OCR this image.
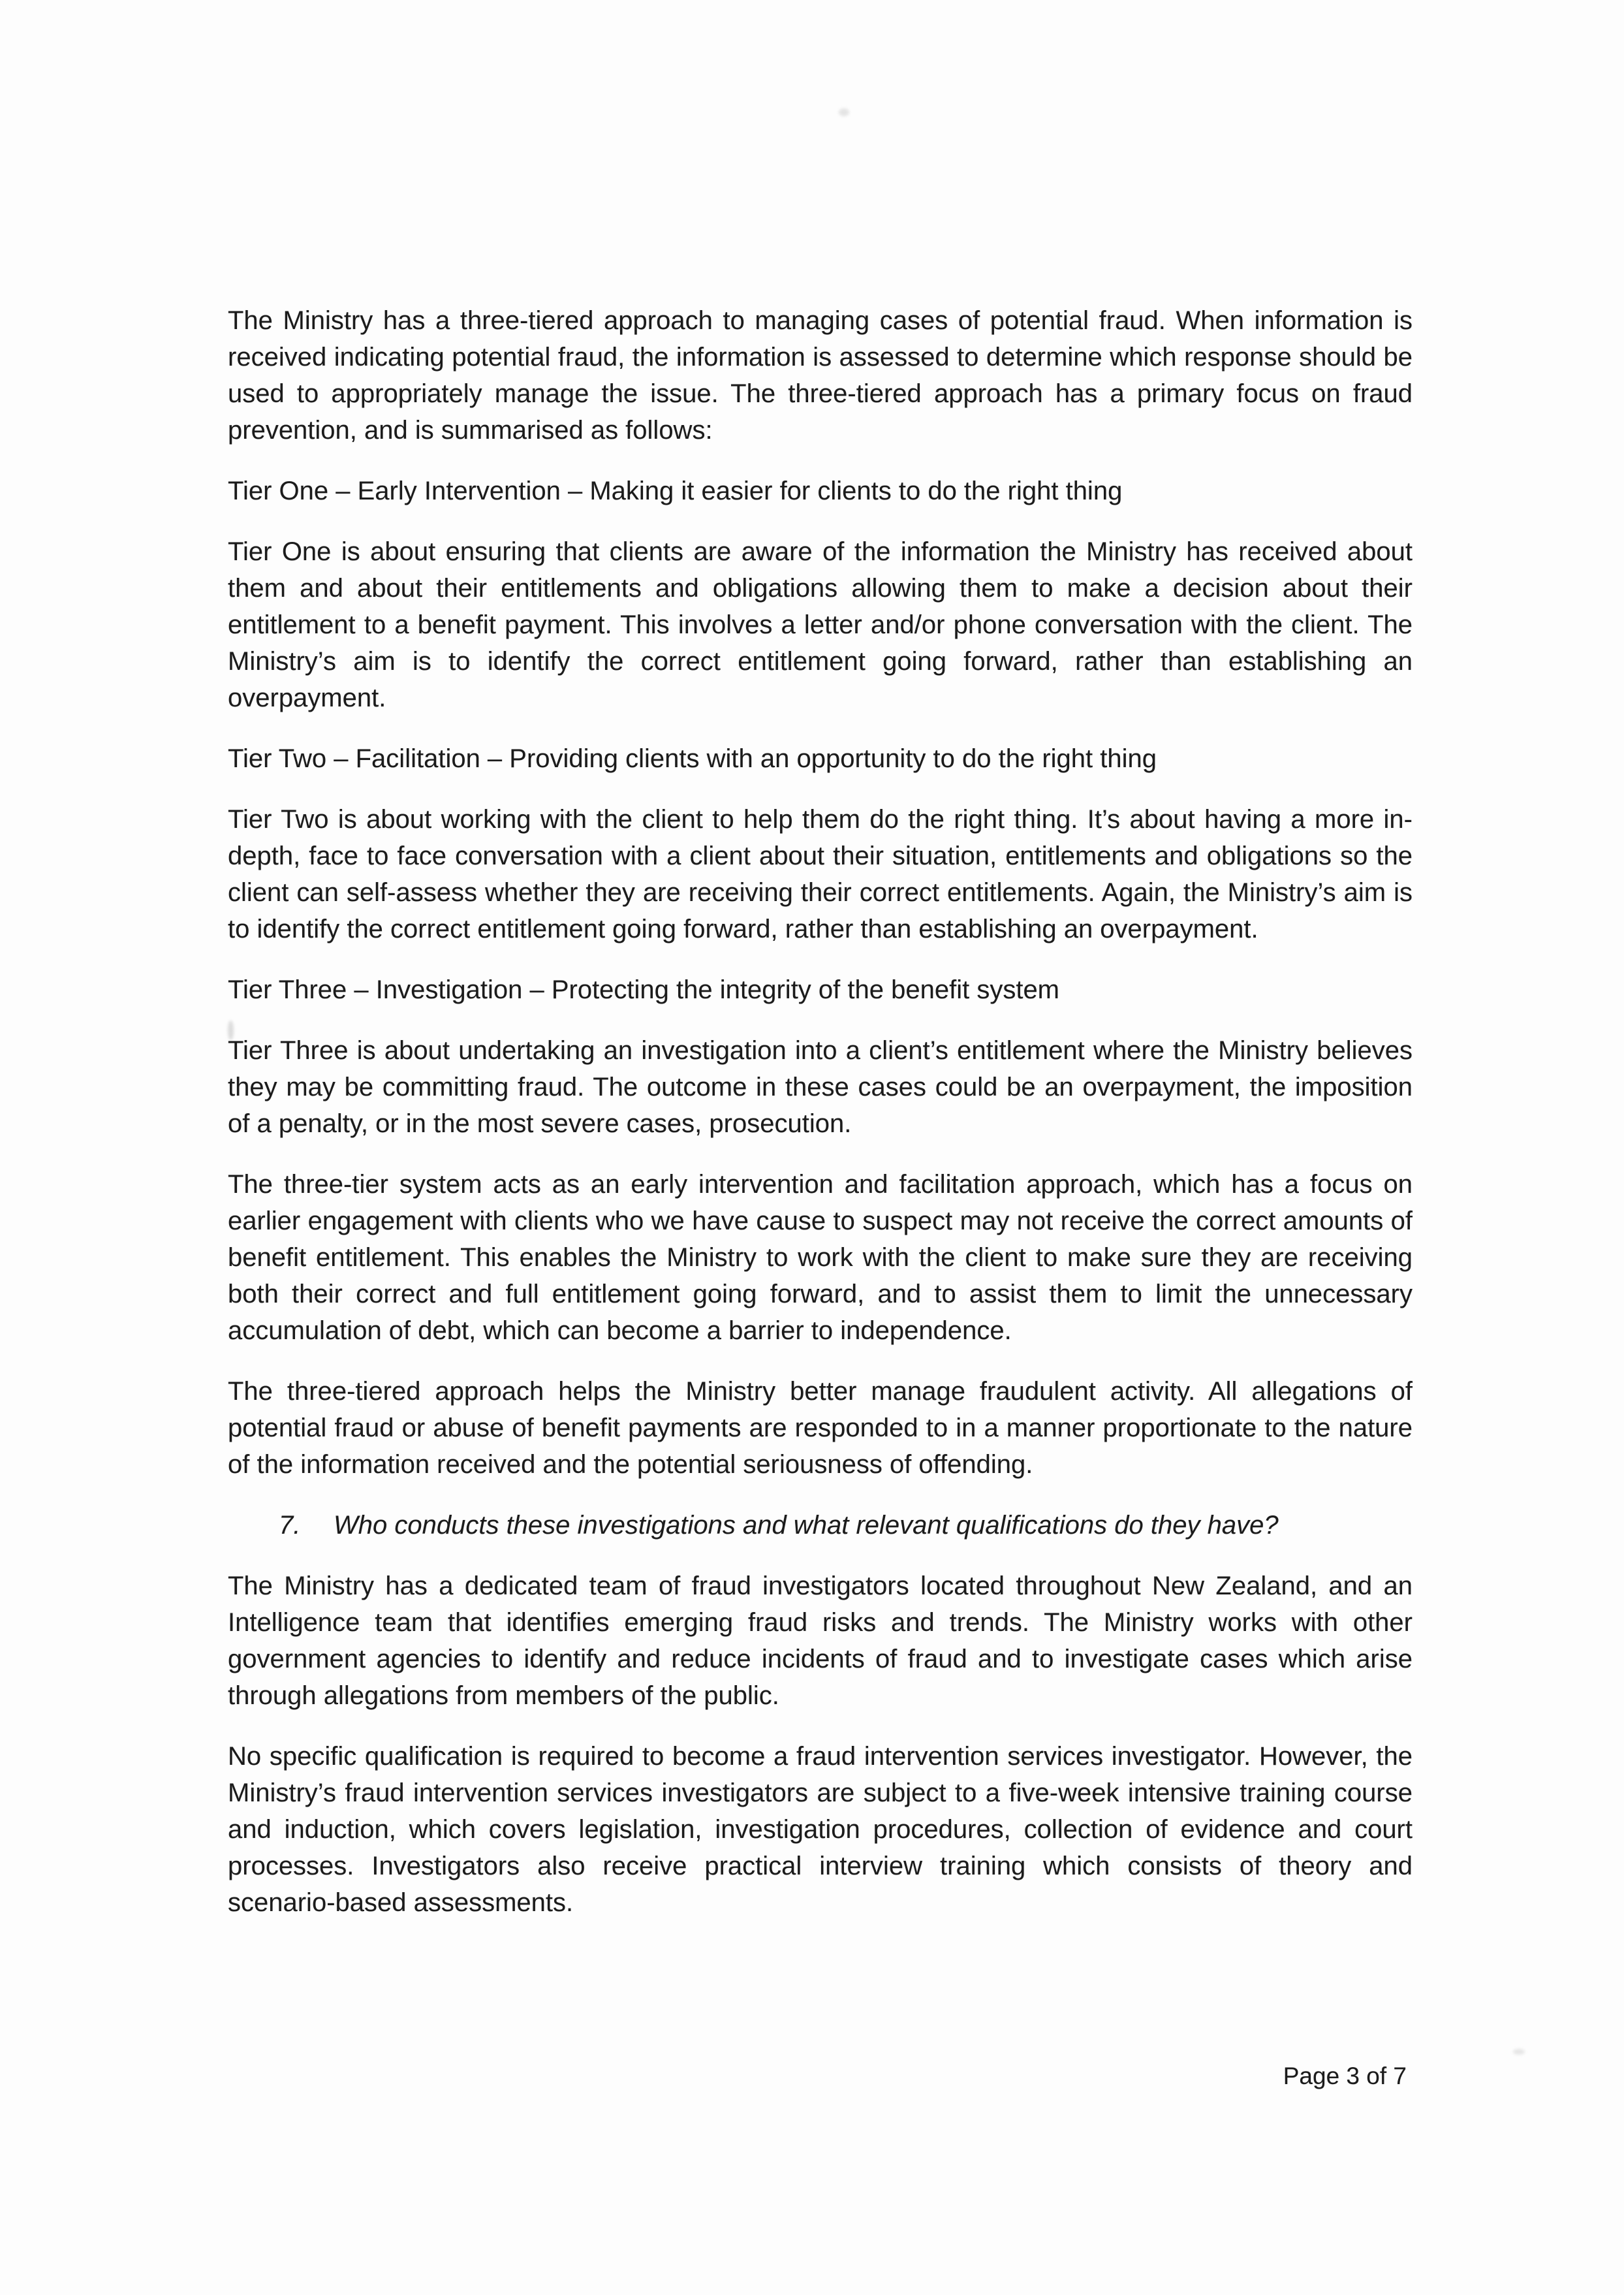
The Ministry has a three-tiered approach to managing cases of potential fraud. When information is received indicating potential fraud, the information is assessed to determine which response should be used to appropriately manage the issue. The three-tiered approach has a primary focus on fraud prevention, and is summarised as follows:

Tier One – Early Intervention – Making it easier for clients to do the right thing

Tier One is about ensuring that clients are aware of the information the Ministry has received about them and about their entitlements and obligations allowing them to make a decision about their entitlement to a benefit payment. This involves a letter and/or phone conversation with the client. The Ministry’s aim is to identify the correct entitlement going forward, rather than establishing an overpayment.

Tier Two – Facilitation – Providing clients with an opportunity to do the right thing

Tier Two is about working with the client to help them do the right thing. It’s about having a more in-depth, face to face conversation with a client about their situation, entitlements and obligations so the client can self-assess whether they are receiving their correct entitlements. Again, the Ministry’s aim is to identify the correct entitlement going forward, rather than establishing an overpayment.

Tier Three – Investigation – Protecting the integrity of the benefit system

Tier Three is about undertaking an investigation into a client’s entitlement where the Ministry believes they may be committing fraud. The outcome in these cases could be an overpayment, the imposition of a penalty, or in the most severe cases, prosecution.

The three-tier system acts as an early intervention and facilitation approach, which has a focus on earlier engagement with clients who we have cause to suspect may not receive the correct amounts of benefit entitlement. This enables the Ministry to work with the client to make sure they are receiving both their correct and full entitlement going forward, and to assist them to limit the unnecessary accumulation of debt, which can become a barrier to independence.

The three-tiered approach helps the Ministry better manage fraudulent activity. All allegations of potential fraud or abuse of benefit payments are responded to in a manner proportionate to the nature of the information received and the potential seriousness of offending.

7. Who conducts these investigations and what relevant qualifications do they have?

The Ministry has a dedicated team of fraud investigators located throughout New Zealand, and an Intelligence team that identifies emerging fraud risks and trends. The Ministry works with other government agencies to identify and reduce incidents of fraud and to investigate cases which arise through allegations from members of the public.

No specific qualification is required to become a fraud intervention services investigator. However, the Ministry’s fraud intervention services investigators are subject to a five-week intensive training course and induction, which covers legislation, investigation procedures, collection of evidence and court processes. Investigators also receive practical interview training which consists of theory and scenario-based assessments.

Page 3 of 7
